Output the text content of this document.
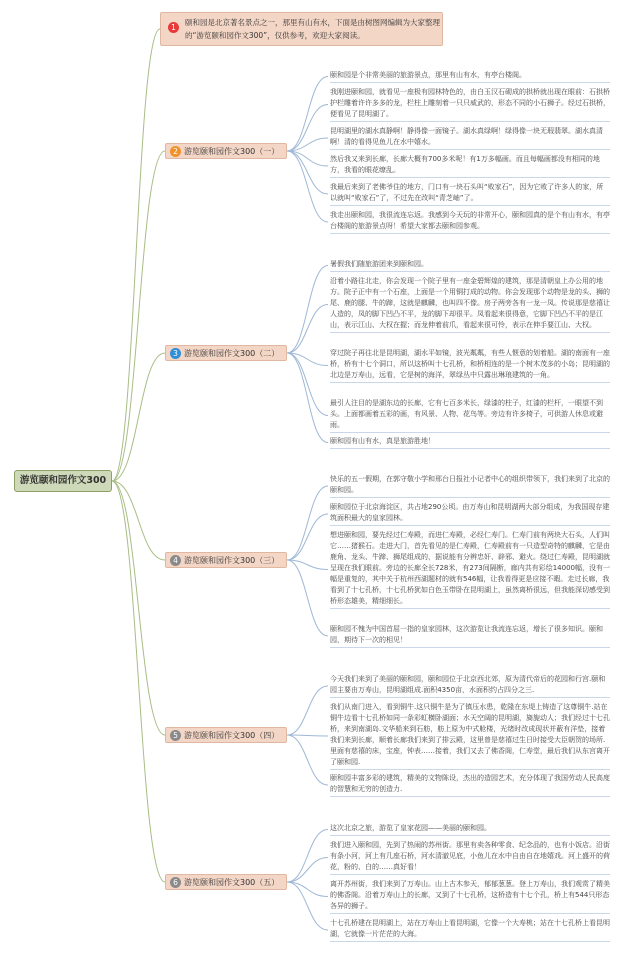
游览颐和园作文300
1
颐和园是北京著名景点之一，那里有山有水，下面是由树图网编辑为大家整理的“游览颐和园作文300”，仅供参考，欢迎大家阅读。
2 游览颐和园作文300（一）
颐和园是个非常美丽的旅游景点，那里有山有水，有亭台楼阁。
我刚进颐和园，就看见一座极有园林特色的，由白玉汉石砌成的拱桥就出现在眼前：石拱桥护栏雕着许许多多的龙，栏柱上雕刻着一只只威武的，形态不同的小石狮子。经过石拱桥，便看见了昆明湖了。
昆明湖里的湖水真静啊！静得像一面镜子。湖水真绿啊！绿得像一块无瑕翡翠。湖水真清啊！清的看得见鱼儿在水中嬉水。
然后我又来到长廊，长廊大概有700多米呢！有1万多幅画。而且每幅画都没有相同的地方，我看的眼花缭乱。
我最后来到了老佛爷住的地方，门口有一块石头叫“败家石”，因为它败了许多人的家，所以就叫“败家石”了，不过先在改叫“青芝岫”了。
我走出颐和园，我很流连忘返。我感到今天玩的非常开心，颐和园真的是个有山有水，有亭台楼阁的旅游景点呀！希望大家都去颐和园参观。
3 游览颐和园作文300（二）
暑假我们随旅游团来到颐和园。
沿着小路往北走，你会发现一个院子里有一座金碧辉煌的建筑，那是清朝皇上办公用的地方。院子正中有一个石座，上面是一个用铜打成的动物。你会发现那个动物是龙的头、狮的尾、鹿的腿、牛的蹄，这就是麒麟，也叫四不像。房子两旁各有一龙一凤。传说那是慈禧让人造的，凤的脚下凹凸不平，龙的脚下却很平。凤看起来很得意，它脚下凹凸不平的是江山，表示江山、大权在握；而龙伸着前爪，看起来很可怜，表示在伸手要江山、大权。
穿过院子再往北是昆明湖，湖水平如镜，波光粼粼，有些人惬意的划着船。湖的南面有一座桥，桥有十七个洞口，所以这桥叫十七孔桥，和桥相连的是一个树木茂多的小岛；昆明湖的北边是万寿山，远看，它是树的海洋，翠绿丛中只露出琳琅建筑的一角。
最引人注目的是湖东边的长廊，它有七百多米长，绿漆的柱子，红漆的栏杆，一眼望不到头。上面都画着五彩的画，有风景、人物、花鸟等。旁边有许多椅子，可供游人休息或避雨。
颐和园有山有水，真是旅游胜地！
4 游览颐和园作文300（三）
快乐的五一假期，在郭守敬小学和邢台日报社小记者中心的组织带领下，我们来到了北京的颐和园。
颐和园位于北京海淀区，共占地290公顷。由万寿山和昆明湖两大部分组成，为我国现存建筑面积最大的皇家园林。
想进颐和园，要先经过仁寿殿，而进仁寿殿，必经仁寿门。仁寿门前有两块大石头，人们叫它……猪猴石。走进大门，首先看见的是仁寿殿，仁寿殿前有一只造型奇特的麒麟，它是由鹿角、龙头、牛蹄、狮尾组成的，据说能有分辨忠奸、辟邪、避火。绕过仁寿殿，昆明湖就呈现在我们眼前。旁边的长廊全长728米，有273间隔断，廊内共有彩绘14000幅，没有一幅是重复的，其中关于杭州西湖题材的就有546幅，让我看得更是应接不暇。走过长廊，我看到了十七孔桥，十七孔桥犹如白色玉带卧在昆明湖上，虽然离桥很远，但我能深切感受到桥形态雄美，精细细长。
颐和园不愧为中国首屈一指的皇家园林，这次游览让我流连忘返，增长了很多知识。颐和园，期待下一次的相见！
5 游览颐和园作文300（四）
今天我们来到了美丽的颐和园，颐和园位于北京西北郊，原为清代帝后的花园和行宫.颐和园主要由万寿山，昆明湖组成.面积4350亩，水面积约占四分之三.
我们从南门进入，看到铜牛.这只铜牛是为了镇压水患，乾隆在东堤上铸造了这尊铜牛.站在铜牛边看十七孔桥如同一条彩虹横卧湖面；水天空阔的昆明湖，旖旎动人；我们经过十七孔桥，来到南湖岛.文华船来到石舫，舫上原为中式舱楼，光绪时改成现状并蔽有洋垫，接着我们来到长廊，顺着长廊我们来到了排云殿，这里曾是慈禧过生日时接受大臣朝贺的场所.里面有慈禧的床，宝座，钟表……接着，我们又去了佛香阁，仁寿堂，最后我们从东宫离开了颐和园.
颐和园丰富多彩的建筑，精美的文物陈设，杰出的造园艺术，充分体现了我国劳动人民高度的智慧和无穷的创造力.
6 游览颐和园作文300（五）
这次北京之旅，游览了皇家花园——美丽的颐和园。
我们进入颐和园，先到了热闹的苏州街。那里有卖各种零食、纪念品的，也有小饭店。沿街有条小河，河上有几座石桥，河水清澈见底，小鱼儿在水中自由自在地嬉戏。河上盛开的荷花，粉的、白的……真好看！
离开苏州街，我们来到了万寿山。山上古木参天，郁郁葱葱。登上万寿山，我们观赏了精美的佛香阁。沿着万寿山上的长廊，又到了十七孔桥，这桥造有十七个孔，桥上有544只形态各异的狮子。
十七孔桥建在昆明湖上，站在万寿山上看昆明湖，它像一个大寿桃；站在十七孔桥上看昆明湖，它就像一片茫茫的大海。
